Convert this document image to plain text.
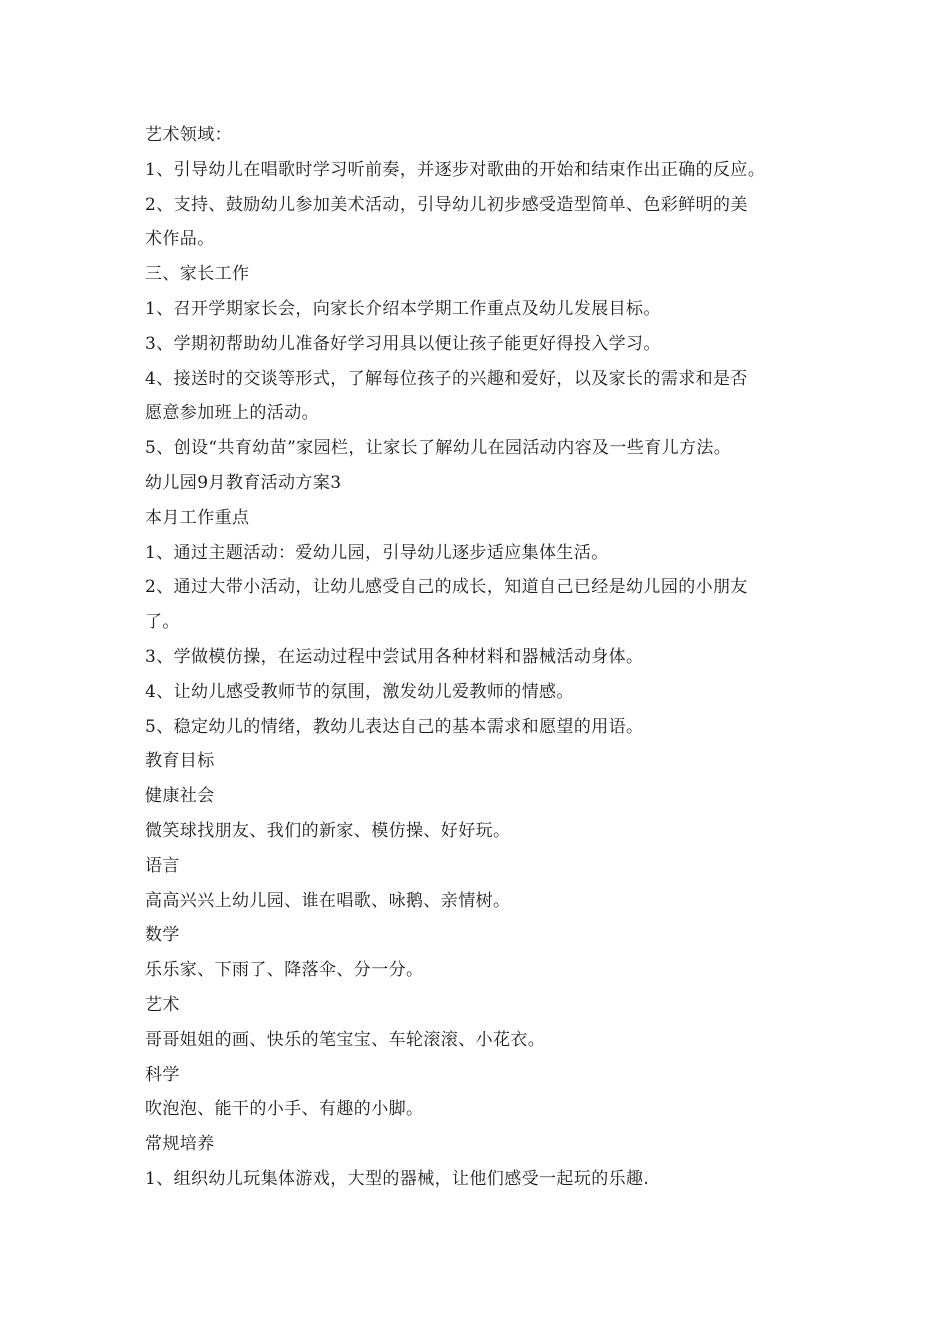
艺术领域：
1、引导幼儿在唱歌时学习听前奏，并逐步对歌曲的开始和结束作出正确的反应。
2、支持、鼓励幼儿参加美术活动，引导幼儿初步感受造型简单、色彩鲜明的美
术作品。
三、家长工作
1、召开学期家长会，向家长介绍本学期工作重点及幼儿发展目标。
3、学期初帮助幼儿准备好学习用具以便让孩子能更好得投入学习。
4、接送时的交谈等形式，了解每位孩子的兴趣和爱好，以及家长的需求和是否
愿意参加班上的活动。
5、创设“共育幼苗”家园栏，让家长了解幼儿在园活动内容及一些育儿方法。
幼儿园9月教育活动方案3
本月工作重点
1、通过主题活动：爱幼儿园，引导幼儿逐步适应集体生活。
2、通过大带小活动，让幼儿感受自己的成长，知道自己已经是幼儿园的小朋友
了。
3、学做模仿操，在运动过程中尝试用各种材料和器械活动身体。
4、让幼儿感受教师节的氛围，激发幼儿爱教师的情感。
5、稳定幼儿的情绪，教幼儿表达自己的基本需求和愿望的用语。
教育目标
健康社会
微笑球找朋友、我们的新家、模仿操、好好玩。
语言
高高兴兴上幼儿园、谁在唱歌、咏鹅、亲情树。
数学
乐乐家、下雨了、降落伞、分一分。
艺术
哥哥姐姐的画、快乐的笔宝宝、车轮滚滚、小花衣。
科学
吹泡泡、能干的小手、有趣的小脚。
常规培养
1、组织幼儿玩集体游戏，大型的器械，让他们感受一起玩的乐趣.
